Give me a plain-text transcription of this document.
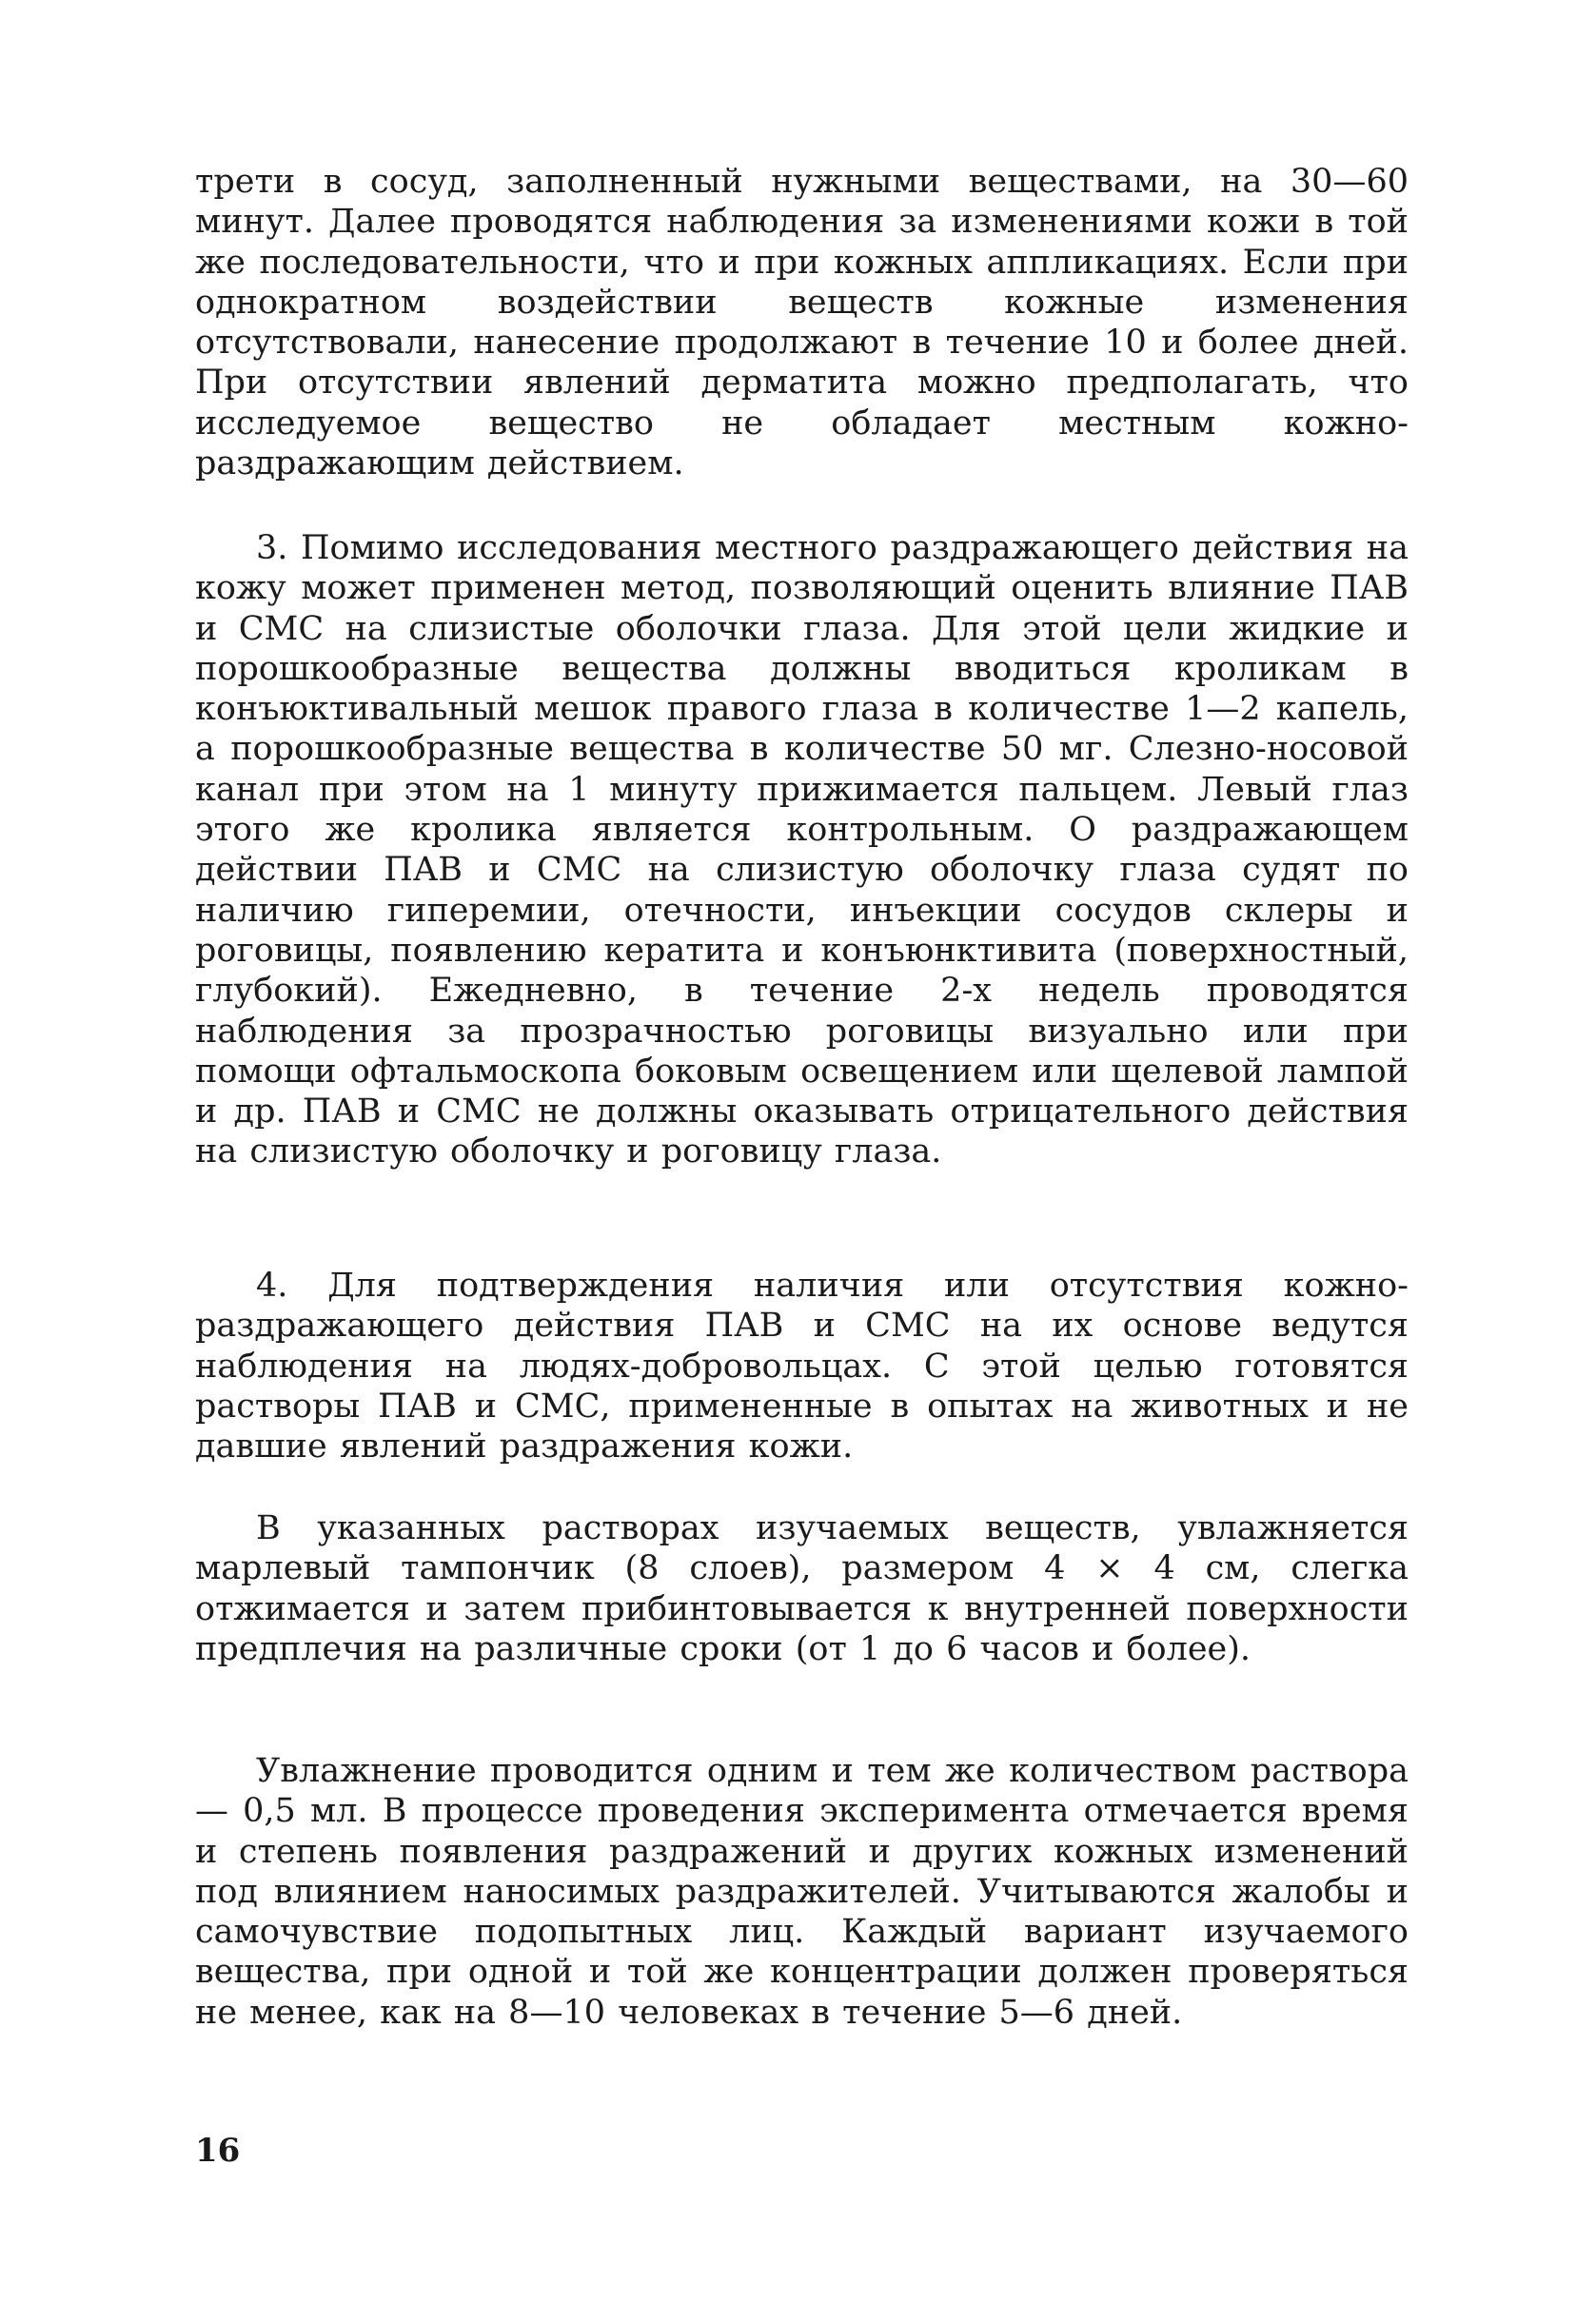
трети в сосуд, заполненный нужными веществами, на 30—60 минут. Далее проводятся наблюдения за изменениями кожи в той же последовательности, что и при кожных аппликациях. Если при однократном воздействии веществ кожные изменения отсутствовали, нанесение продолжают в течение 10 и более дней. При отсутствии явлений дерматита можно предполагать, что исследуемое вещество не обладает местным кожно-раздражающим действием.

3. Помимо исследования местного раздражающего действия на кожу может применен метод, позволяющий оценить влияние ПАВ и СМС на слизистые оболочки глаза. Для этой цели жидкие и порошкообразные вещества должны вводиться кроликам в конъюктивальный мешок правого глаза в количестве 1—2 капель, а порошкообразные вещества в количестве 50 мг. Слезно-носовой канал при этом на 1 минуту прижимается пальцем. Левый глаз этого же кролика является контрольным. О раздражающем действии ПАВ и СМС на слизистую оболочку глаза судят по наличию гиперемии, отечности, инъекции сосудов склеры и роговицы, появлению кератита и конъюнктивита (поверхностный, глубокий). Ежедневно, в течение 2-х недель проводятся наблюдения за прозрачностью роговицы визуально или при помощи офтальмоскопа боковым освещением или щелевой лампой и др. ПАВ и СМС не должны оказывать отрицательного действия на слизистую оболочку и роговицу глаза.

4. Для подтверждения наличия или отсутствия кожно-раздражающего действия ПАВ и СМС на их основе ведутся наблюдения на людях-добровольцах. С этой целью готовятся растворы ПАВ и СМС, примененные в опытах на животных и не давшие явлений раздражения кожи.

В указанных растворах изучаемых веществ, увлажняется марлевый тампончик (8 слоев), размером 4 × 4 см, слегка отжимается и затем прибинтовывается к внутренней поверхности предплечия на различные сроки (от 1 до 6 часов и более).

Увлажнение проводится одним и тем же количеством раствора — 0,5 мл. В процессе проведения эксперимента отмечается время и степень появления раздражений и других кожных изменений под влиянием наносимых раздражителей. Учитываются жалобы и самочувствие подопытных лиц. Каждый вариант изучаемого вещества, при одной и той же концентрации должен проверяться не менее, как на 8—10 человеках в течение 5—6 дней.

16
